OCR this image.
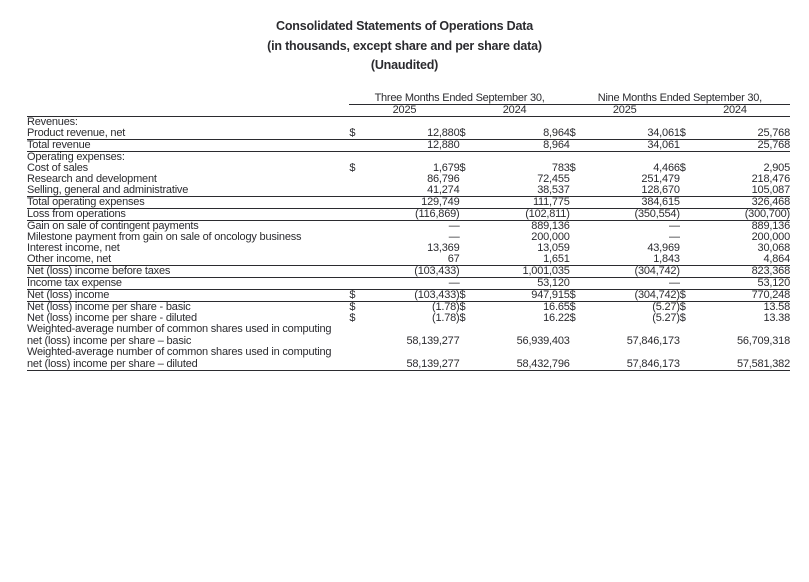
Consolidated Statements of Operations Data
(in thousands, except share and per share data)
(Unaudited)
	Three Months Ended September 30,				Nine Months Ended September 30,			
	2025		2024		2025		2024	
Revenues:								
Product revenue, net	$	12,880	$	8,964	$	34,061	$	25,768
Total revenue		12,880		8,964		34,061		25,768
Operating expenses:								
Cost of sales	$	1,679	$	783	$	4,466	$	2,905
Research and development		86,796		72,455		251,479		218,476
Selling, general and administrative		41,274		38,537		128,670		105,087
Total operating expenses		129,749		111,775		384,615		326,468
Loss from operations		(116,869)		(102,811)		(350,554)		(300,700)
Gain on sale of contingent payments		—		889,136		—		889,136
Milestone payment from gain on sale of oncology business		—		200,000		—		200,000
Interest income, net		13,369		13,059		43,969		30,068
Other income, net		67		1,651		1,843		4,864
Net (loss) income before taxes		(103,433)		1,001,035		(304,742)		823,368
Income tax expense		—		53,120		—		53,120
Net (loss) income	$	(103,433)	$	947,915	$	(304,742)	$	770,248
Net (loss) income per share - basic	$	(1.78)	$	16.65	$	(5.27)	$	13.58
Net (loss) income per share - diluted	$	(1.78)	$	16.22	$	(5.27)	$	13.38
Weighted-average number of common shares used in computing								
net (loss) income per share – basic		58,139,277		56,939,403		57,846,173		56,709,318
Weighted-average number of common shares used in computing								
net (loss) income per share – diluted		58,139,277		58,432,796		57,846,173		57,581,382
